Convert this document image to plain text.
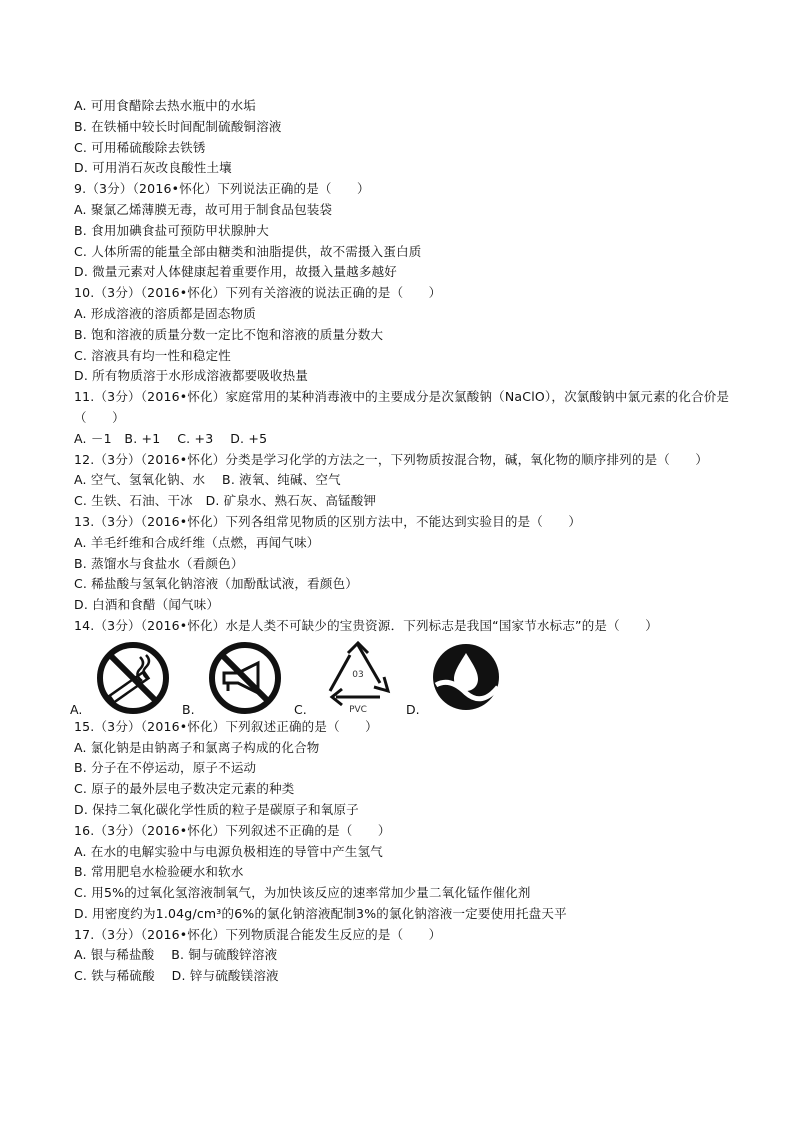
A. 可用食醋除去热水瓶中的水垢
B. 在铁桶中较长时间配制硫酸铜溶液
C. 可用稀硫酸除去铁锈
D. 可用消石灰改良酸性土壤
9.（3分）（2016•怀化）下列说法正确的是（　　）
A. 聚氯乙烯薄膜无毒，故可用于制食品包装袋
B. 食用加碘食盐可预防甲状腺肿大
C. 人体所需的能量全部由糖类和油脂提供，故不需摄入蛋白质
D. 微量元素对人体健康起着重要作用，故摄入量越多越好
10.（3分）（2016•怀化）下列有关溶液的说法正确的是（　　）
A. 形成溶液的溶质都是固态物质
B. 饱和溶液的质量分数一定比不饱和溶液的质量分数大
C. 溶液具有均一性和稳定性
D. 所有物质溶于水形成溶液都要吸收热量
11.（3分）（2016•怀化）家庭常用的某种消毒液中的主要成分是次氯酸钠（NaClO），次氯酸钠中氯元素的化合价是（　　）
A. －1　B. +1　 C. +3　 D. +5
12.（3分）（2016•怀化）分类是学习化学的方法之一，下列物质按混合物，碱，氧化物的顺序排列的是（　　）
A. 空气、氢氧化钠、水　 B. 液氧、纯碱、空气
C. 生铁、石油、干冰　D. 矿泉水、熟石灰、高锰酸钾
13.（3分）（2016•怀化）下列各组常见物质的区别方法中，不能达到实验目的是（　　）
A. 羊毛纤维和合成纤维（点燃，再闻气味）
B. 蒸馏水与食盐水（看颜色）
C. 稀盐酸与氢氧化钠溶液（加酚酞试液，看颜色）
D. 白酒和食醋（闻气味）
14.（3分）（2016•怀化）水是人类不可缺少的宝贵资源．下列标志是我国“国家节水标志”的是（　　）
A.	B.	C.
03
PVC	D.
15.（3分）（2016•怀化）下列叙述正确的是（　　）
A. 氯化钠是由钠离子和氯离子构成的化合物
B. 分子在不停运动，原子不运动
C. 原子的最外层电子数决定元素的种类
D. 保持二氧化碳化学性质的粒子是碳原子和氧原子
16.（3分）（2016•怀化）下列叙述不正确的是（　　）
A. 在水的电解实验中与电源负极相连的导管中产生氢气
B. 常用肥皂水检验硬水和软水
C. 用5%的过氧化氢溶液制氧气，为加快该反应的速率常加少量二氧化锰作催化剂
D. 用密度约为1.04g/cm³的6%的氯化钠溶液配制3%的氯化钠溶液一定要使用托盘天平
17.（3分）（2016•怀化）下列物质混合能发生反应的是（　　）
A. 银与稀盐酸　 B. 铜与硫酸锌溶液
C. 铁与稀硫酸　 D. 锌与硫酸镁溶液
